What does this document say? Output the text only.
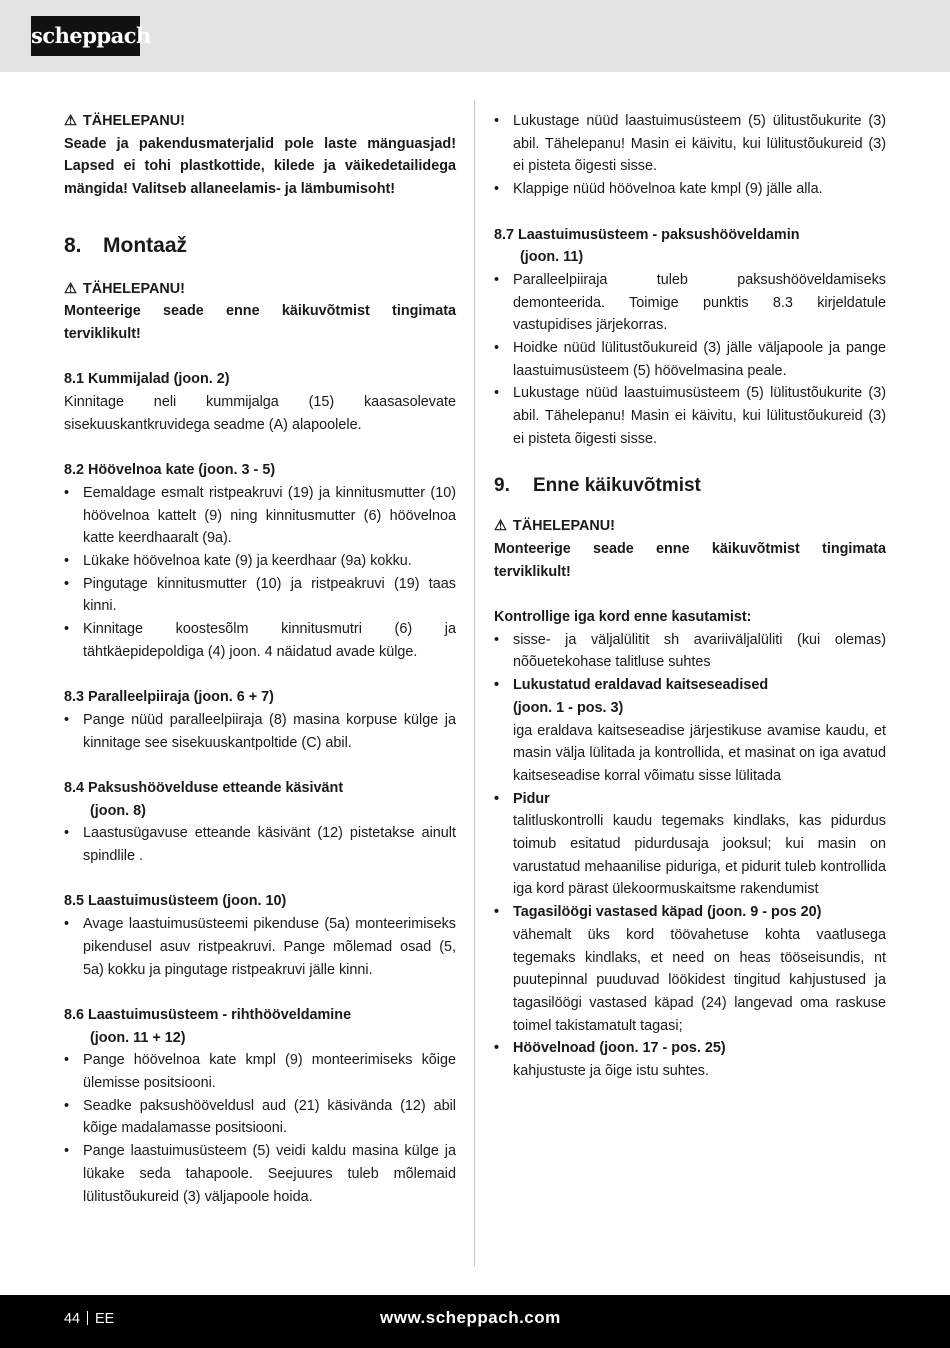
scheppach

⚠ TÄHELEPANU!

Seade ja pakendusmaterjalid pole laste mänguasjad! Lapsed ei tohi plastkottide, kilede ja väikedetailidega mängida! Valitseb allaneelamis- ja lämbumisoht!

8. Montaaž

⚠ TÄHELEPANU!

Monteerige seade enne käikuvõtmist tingimata terviklikult!

8.1 Kummijalad (joon. 2)

Kinnitage neli kummijalga (15) kaasasolevate sisekuuskantkruvidega seadme (A) alapoolele.

8.2 Höövelnoa kate (joon. 3 - 5)

• Eemaldage esmalt ristpeakruvi (19) ja kinnitusmutter (10) höövelnoa kattelt (9) ning kinnitusmutter (6) höövelnoa katte keerdhaaralt (9a).
• Lükake höövelnoa kate (9) ja keerdhaar (9a) kokku.
• Pingutage kinnitusmutter (10) ja ristpeakruvi (19) taas kinni.
• Kinnitage koostesõlm kinnitusmutri (6) ja tähtkäepidepoldiga (4) joon. 4 näidatud avade külge.

8.3 Paralleelpiiraja (joon. 6 + 7)

• Pange nüüd paralleelpiiraja (8) masina korpuse külge ja kinnitage see sisekuuskantpoltide (C) abil.

8.4 Paksushöövelduse etteande käsivänt

(joon. 8)

• Laastusügavuse etteande käsivänt (12) pistetakse ainult spindlile .

8.5 Laastuimusüsteem (joon. 10)

• Avage laastuimusüsteemi pikenduse (5a) monteerimiseks pikendusel asuv ristpeakruvi. Pange mõlemad osad (5, 5a) kokku ja pingutage ristpeakruvi jälle kinni.

8.6 Laastuimusüsteem - rihthööveldamine

(joon. 11 + 12)

• Pange höövelnoa kate kmpl (9) monteerimiseks kõige ülemisse positsiooni.
• Seadke paksushööveldusl aud (21) käsivända (12) abil kõige madalamasse positsiooni.
• Pange laastuimusüsteem (5) veidi kaldu masina külge ja lükake seda tahapoole. Seejuures tuleb mõlemaid lülitustõukureid (3) väljapoole hoida.
• Lukustage nüüd laastuimusüsteem (5) ülitustõukurite (3) abil. Tähelepanu! Masin ei käivitu, kui lülitustõukureid (3) ei pisteta õigesti sisse.
• Klappige nüüd höövelnoa kate kmpl (9) jälle alla.

8.7 Laastuimusüsteem - paksushööveldamin

(joon. 11)

• Paralleelpiiraja tuleb paksushööveldamiseks demonteerida. Toimige punktis 8.3 kirjeldatule vastupidises järjekorras.
• Hoidke nüüd lülitustõukureid (3) jälle väljapoole ja pange laastuimusüsteem (5) höövelmasina peale.
• Lukustage nüüd laastuimusüsteem (5) lülitustõukurite (3) abil. Tähelepanu! Masin ei käivitu, kui lülitustõukureid (3) ei pisteta õigesti sisse.
9. Enne käikuvõtmist

⚠ TÄHELEPANU!

Monteerige seade enne käikuvõtmist tingimata terviklikult!

Kontrollige iga kord enne kasutamist:

• sisse- ja väljalülitit sh avariiväljalüliti (kui olemas) nõõuetekohase talitluse suhtes
• Lukustatud eraldavad kaitseseadised
(joon. 1 - pos. 3)
iga eraldava kaitseseadise järjestikuse avamise kaudu, et masin välja lülitada ja kontrollida, et masinat on iga avatud kaitseseadise korral võimatu sisse lülitada
• Pidur
talitluskontrolli kaudu tegemaks kindlaks, kas pidurdus toimub esitatud pidurdusaja jooksul; kui masin on varustatud mehaanilise piduriga, et pidurit tuleb kontrollida iga kord pärast ülekoormuskaitsme rakendumist
• Tagasilöögi vastased käpad (joon. 9 - pos 20)
vähemalt üks kord töövahetuse kohta vaatlusega tegemaks kindlaks, et need on heas tööseisundis, nt puutepinnal puuduvad löökidest tingitud kahjustused ja tagasilöögi vastased käpad (24) langevad oma raskuse toimel takistamatult tagasi;
• Höövelnoad (joon. 17 - pos. 25)
kahjustuste ja õige istu suhtes.
44 EE	www.scheppach.com
